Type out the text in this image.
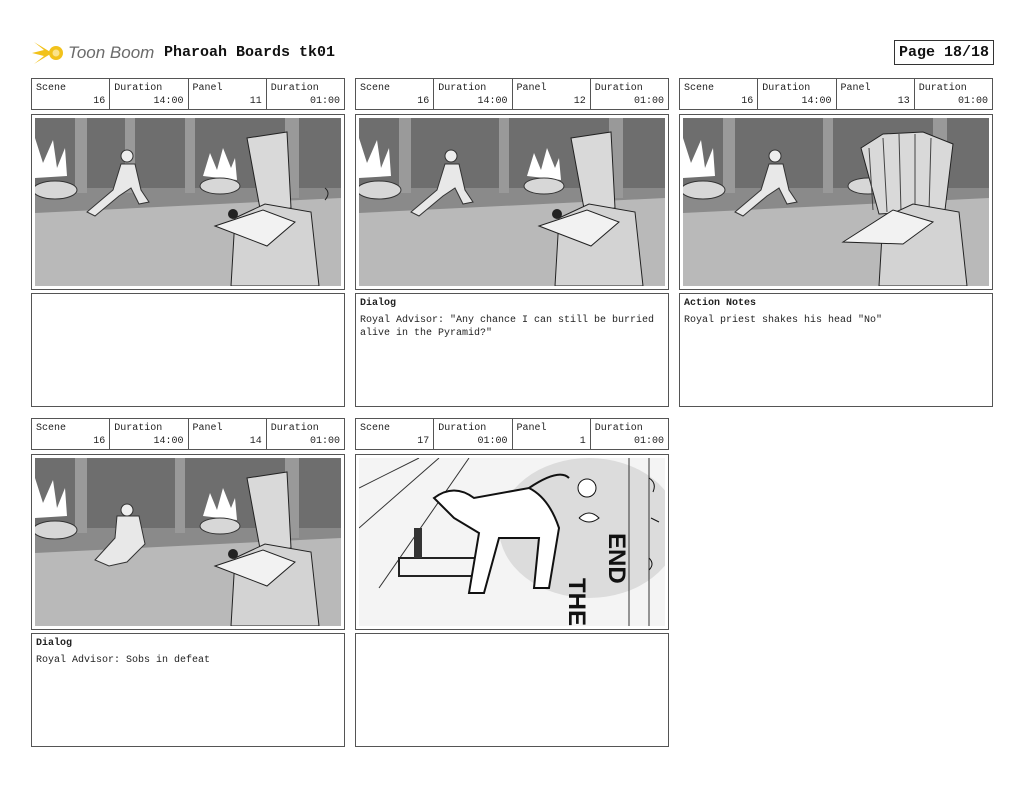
Toon Boom Pharoah Boards tk01	Page 18/18
Scene
16
Duration
14:00
Panel
11
Duration
01:00
Scene
16
Duration
14:00
Panel
12
Duration
01:00
Dialog
Royal Advisor: "Any chance I can still be burried alive in the Pyramid?"
Scene
16
Duration
14:00
Panel
13
Duration
01:00
Action Notes
Royal priest shakes his head "No"
Scene
16
Duration
14:00
Panel
14
Duration
01:00
Dialog
Royal Advisor: Sobs in defeat
Scene
17
Duration
01:00
Panel
1
Duration
01:00
THE
END
